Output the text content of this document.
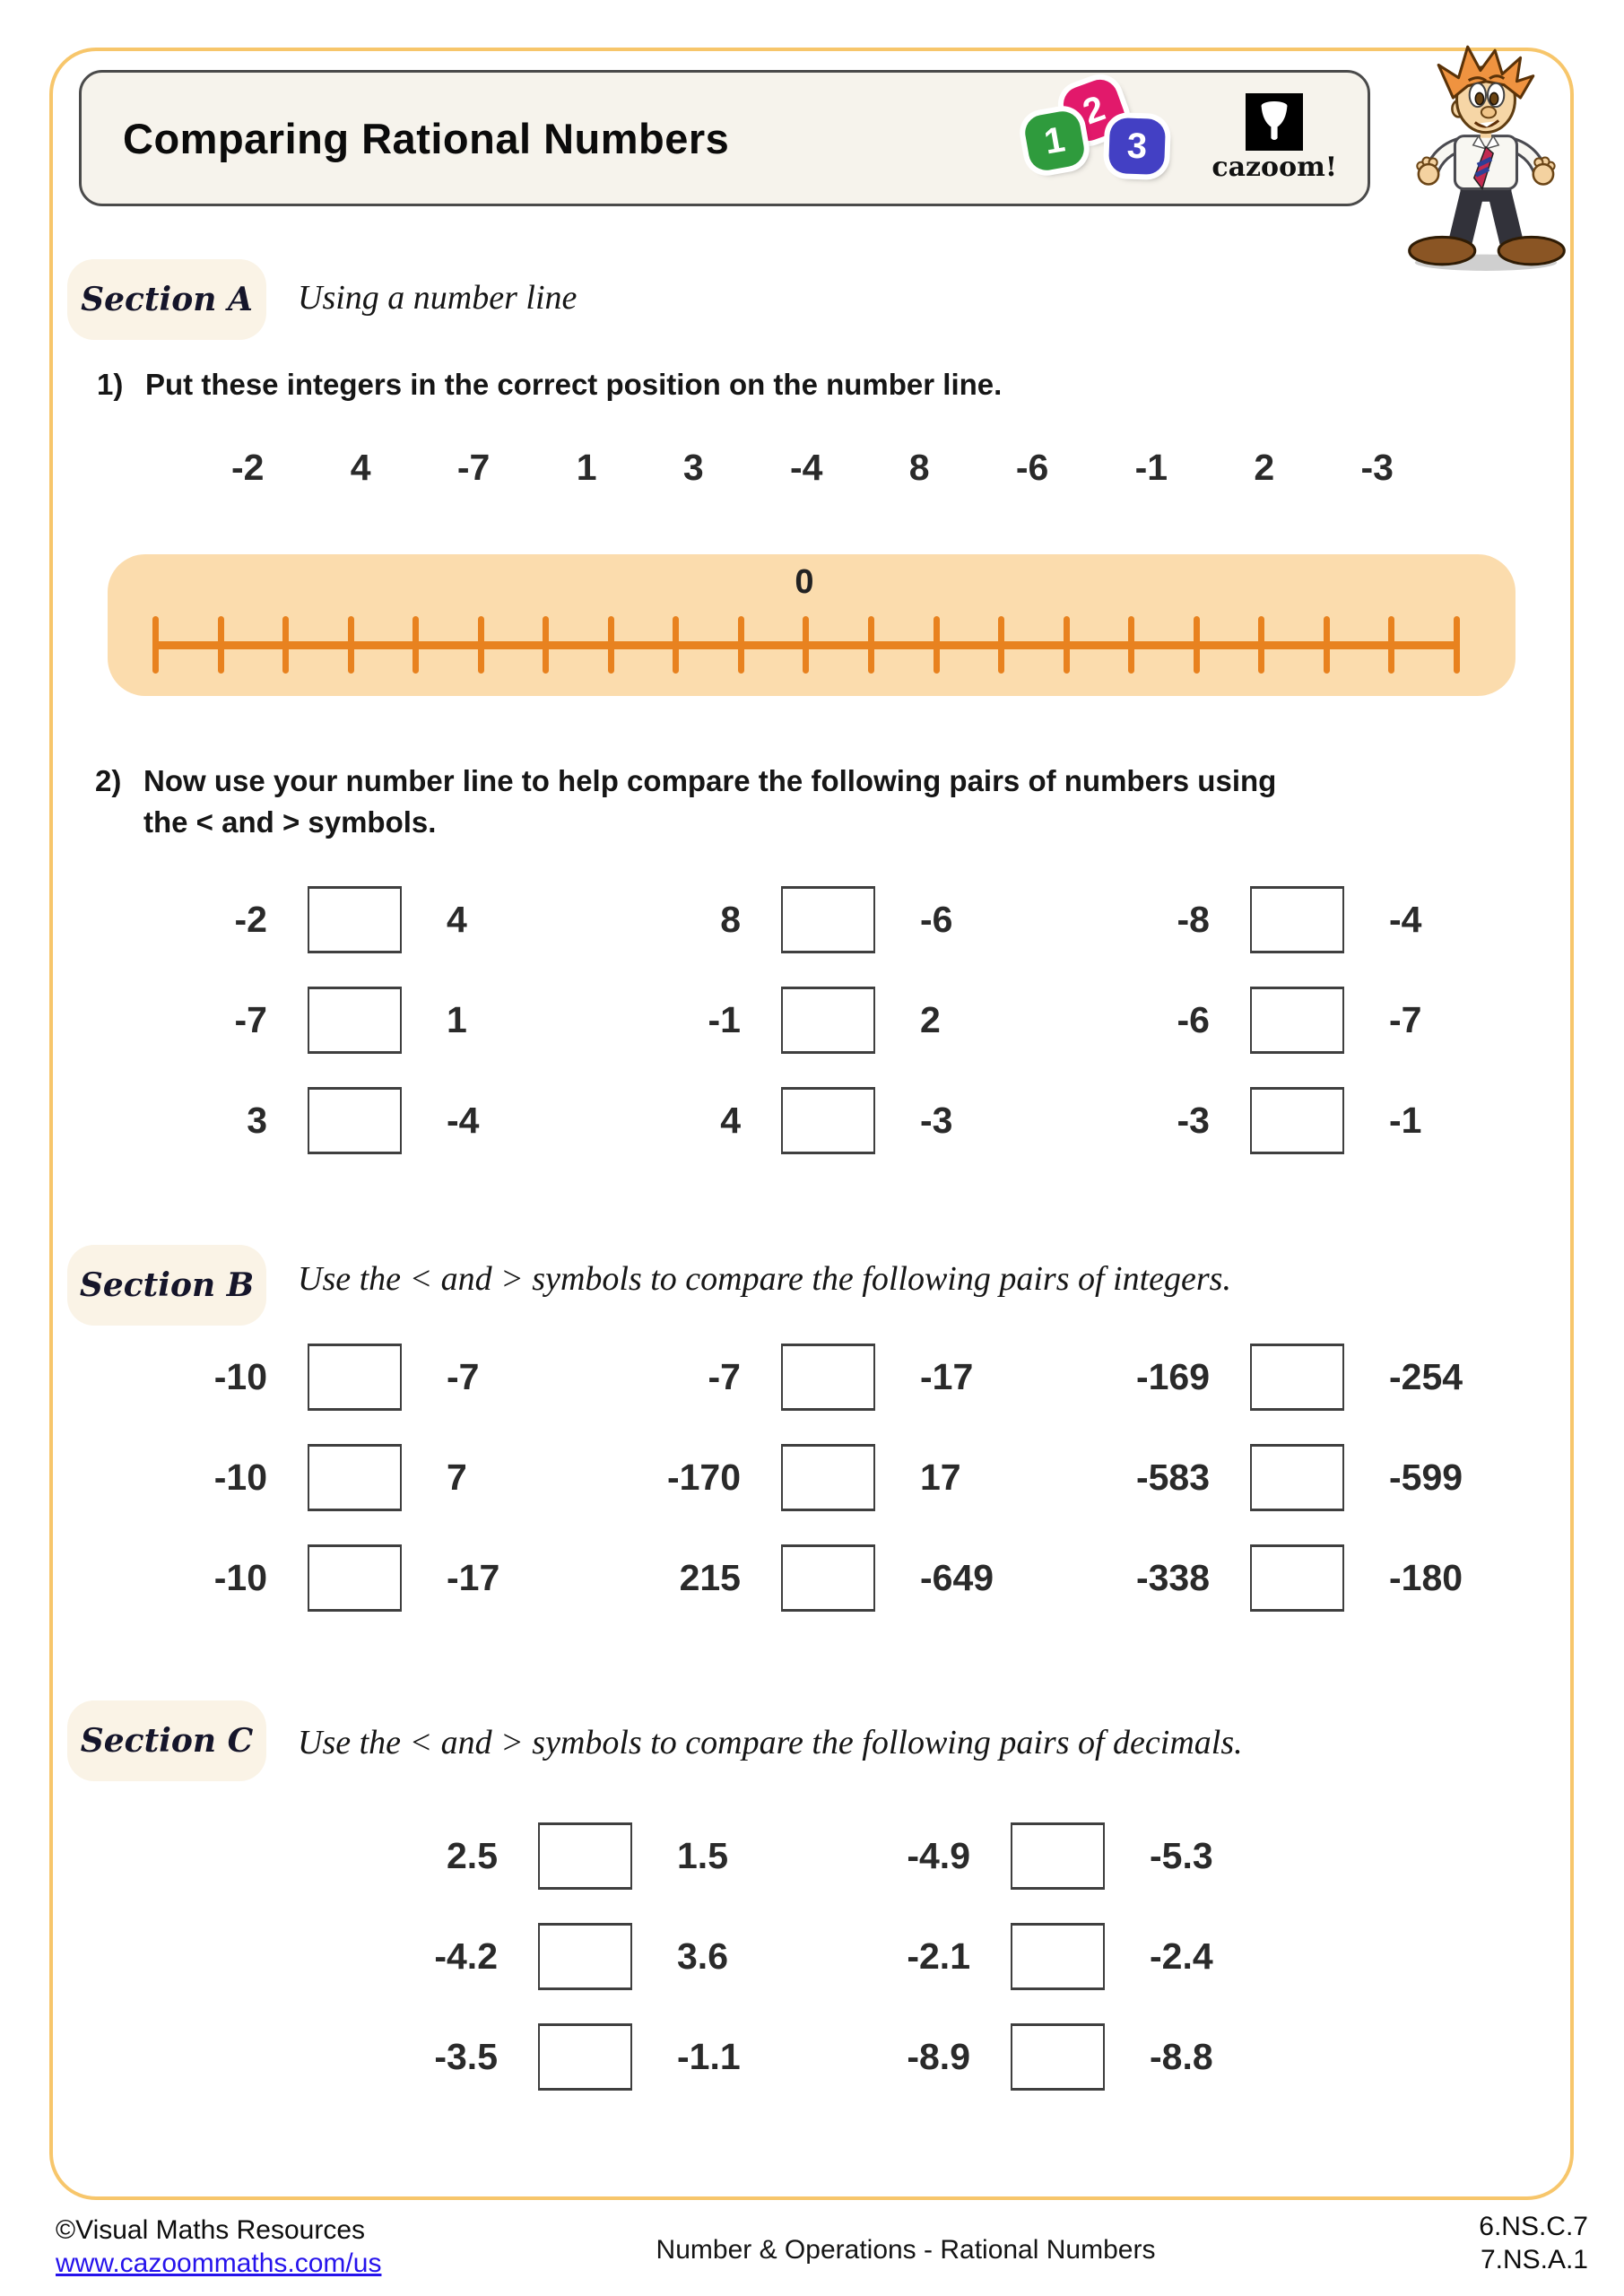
Comparing Rational Numbers	1
2
3
cazoom!
Section A	Using a number line
1) Put these integers in the correct position on the number line.
-2 4 -7 1 3 -4 8 -6 -1 2 -3
0
2) Now use your number line to help compare the following pairs of numbers using
the < and > symbols.
-2	4	8	-6	-8	-4
-7	1	-1	2	-6	-7
3	-4	4	-3	-3	-1
Section B	Use the < and > symbols to compare the following pairs of integers.
-10	-7	-7	-17	-169	-254
-10	7	-170	17	-583	-599
-10	-17	215	-649	-338	-180
Section C	Use the < and > symbols to compare the following pairs of decimals.
2.5	1.5	-4.9	-5.3
-4.2	3.6	-2.1	-2.4
-3.5	-1.1	-8.9	-8.8
©Visual Maths Resources
www.cazoommaths.com/us	Number & Operations - Rational Numbers
6.NS.C.7
7.NS.A.1
